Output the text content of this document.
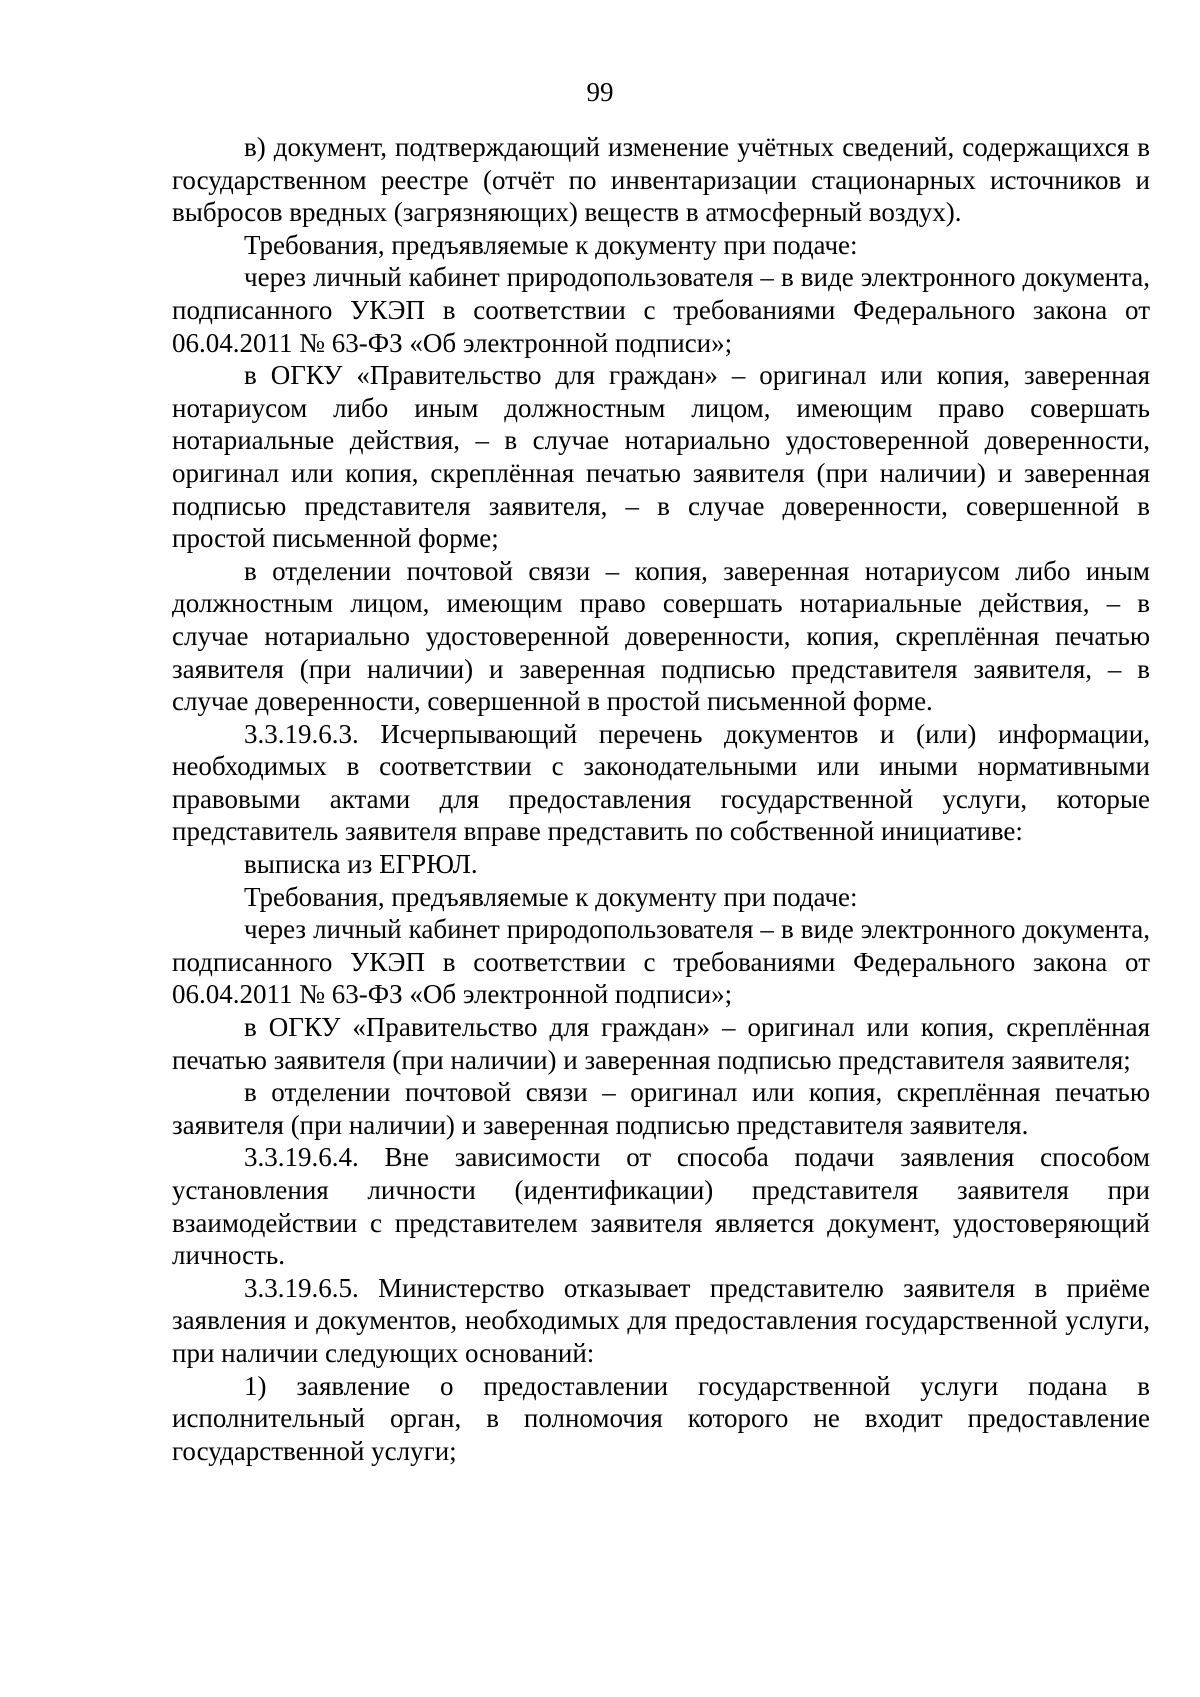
99

в) документ, подтверждающий изменение учётных сведений, содержащихся в государственном реестре (отчёт по инвентаризации стационарных источников и выбросов вредных (загрязняющих) веществ в атмосферный воздух).

Требования, предъявляемые к документу при подаче:

через личный кабинет природопользователя – в виде электронного документа, подписанного УКЭП в соответствии с требованиями Федерального закона от 06.04.2011 № 63-ФЗ «Об электронной подписи»;

в ОГКУ «Правительство для граждан» – оригинал или копия, заверенная нотариусом либо иным должностным лицом, имеющим право совершать нотариальные действия, – в случае нотариально удостоверенной доверенности, оригинал или копия, скреплённая печатью заявителя (при наличии) и заверенная подписью представителя заявителя, – в случае доверенности, совершенной в простой письменной форме;

в отделении почтовой связи – копия, заверенная нотариусом либо иным должностным лицом, имеющим право совершать нотариальные действия, – в случае нотариально удостоверенной доверенности, копия, скреплённая печатью заявителя (при наличии) и заверенная подписью представителя заявителя, – в случае доверенности, совершенной в простой письменной форме.

3.3.19.6.3. Исчерпывающий перечень документов и (или) информации, необходимых в соответствии с законодательными или иными нормативными правовыми актами для предоставления государственной услуги, которые представитель заявителя вправе представить по собственной инициативе:

выписка из ЕГРЮЛ.

Требования, предъявляемые к документу при подаче:

через личный кабинет природопользователя – в виде электронного документа, подписанного УКЭП в соответствии с требованиями Федерального закона от 06.04.2011 № 63-ФЗ «Об электронной подписи»;

в ОГКУ «Правительство для граждан» – оригинал или копия, скреплённая печатью заявителя (при наличии) и заверенная подписью представителя заявителя;

в отделении почтовой связи – оригинал или копия, скреплённая печатью заявителя (при наличии) и заверенная подписью представителя заявителя.

3.3.19.6.4. Вне зависимости от способа подачи заявления способом установления личности (идентификации) представителя заявителя при взаимодействии с представителем заявителя является документ, удостоверяющий личность.

3.3.19.6.5. Министерство отказывает представителю заявителя в приёме заявления и документов, необходимых для предоставления государственной услуги, при наличии следующих оснований:

1) заявление о предоставлении государственной услуги подана в исполнительный орган, в полномочия которого не входит предоставление государственной услуги;
